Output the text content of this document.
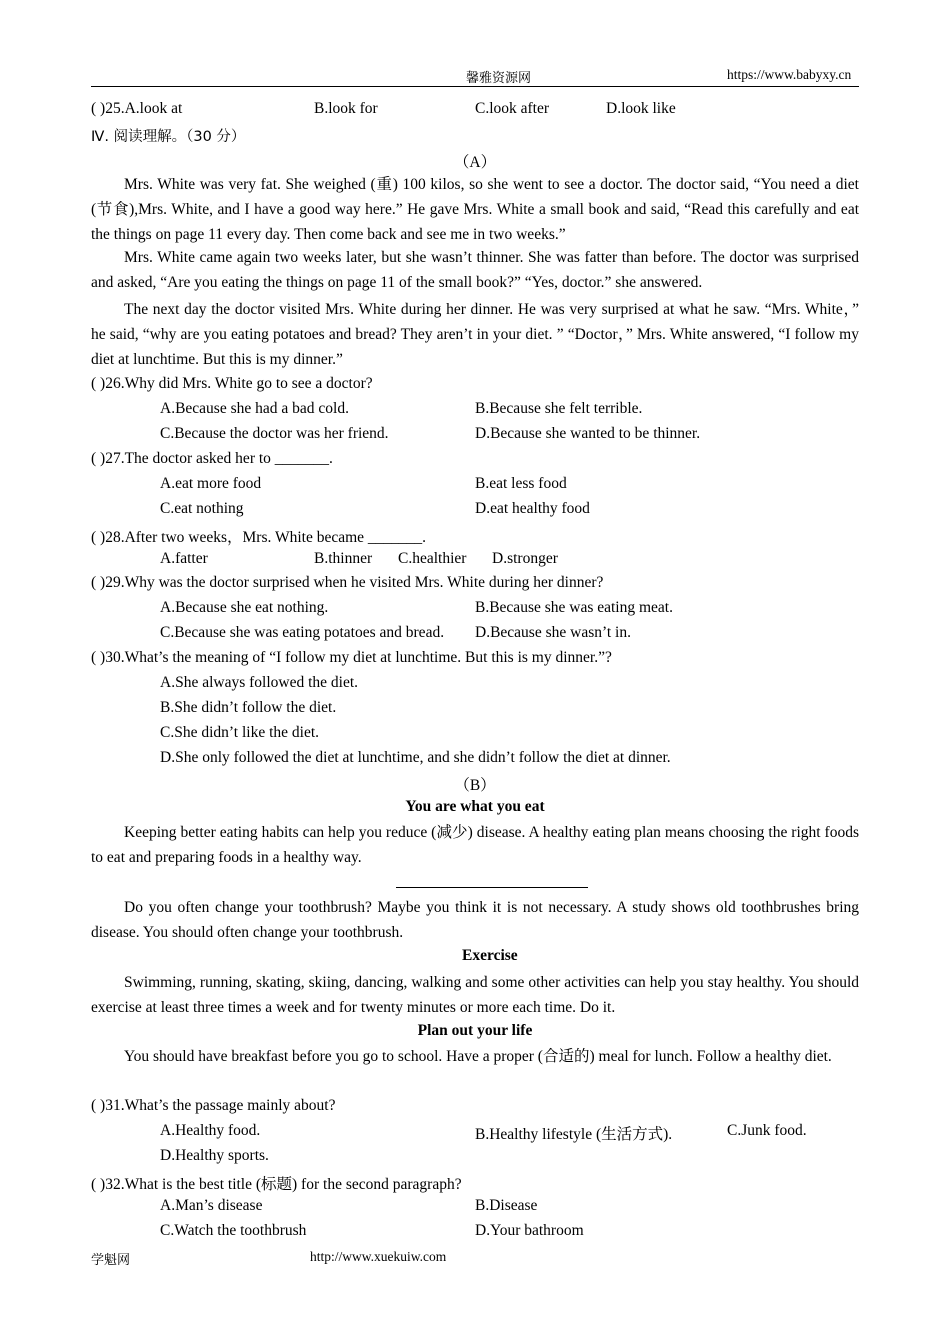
馨雅资源网	https://www.babyxy.cn
( )25.A.look at	B.look for	C.look after	D.look like
Ⅳ. 阅读理解。（30 分）
（A）
Mrs. White was very fat. She weighed (重) 100 kilos, so she went to see a doctor. The doctor said, “You need a diet (节食),Mrs. White, and I have a good way here.” He gave Mrs. White a small book and said, “Read this carefully and eat the things on page 11 every day. Then come back and see me in two weeks.”
Mrs. White came again two weeks later, but she wasn’t thinner. She was fatter than before. The doctor was surprised and asked, “Are you eating the things on page 11 of the small book?” “Yes, doctor.” she answered.
The next day the doctor visited Mrs. White during her dinner. He was very surprised at what he saw. “Mrs. White，” he said, “why are you eating potatoes and bread? They aren’t in your diet. ” “Doctor，” Mrs. White answered, “I follow my diet at lunchtime. But this is my dinner.”
( )26.Why did Mrs. White go to see a doctor?
A.Because she had a bad cold.	B.Because she felt terrible.
C.Because the doctor was her friend.	D.Because she wanted to be thinner.
( )27.The doctor asked her to _______.
A.eat more food	B.eat less food
C.eat nothing	D.eat healthy food
( )28.After two weeks，Mrs. White became _______.
A.fatter	B.thinner C.healthier D.stronger
( )29.Why was the doctor surprised when he visited Mrs. White during her dinner?
A.Because she eat nothing.	B.Because she was eating meat.
C.Because she was eating potatoes and bread. D.Because she wasn’t in.
( )30.What’s the meaning of “I follow my diet at lunchtime. But this is my dinner.”?
A.She always followed the diet.
B.She didn’t follow the diet.
C.She didn’t like the diet.
D.She only followed the diet at lunchtime, and she didn’t follow the diet at dinner.
（B）
You are what you eat
Keeping better eating habits can help you reduce (减少) disease. A healthy eating plan means choosing the right foods to eat and preparing foods in a healthy way.
Do you often change your toothbrush? Maybe you think it is not necessary. A study shows old toothbrushes bring disease. You should often change your toothbrush.
Exercise
Swimming, running, skating, skiing, dancing, walking and some other activities can help you stay healthy. You should exercise at least three times a week and for twenty minutes or more each time. Do it.
Plan out your life
You should have breakfast before you go to school. Have a proper (合适的) meal for lunch. Follow a healthy diet.
( )31.What’s the passage mainly about?
A.Healthy food.	B.Healthy lifestyle (生活方式).	C.Junk food.
D.Healthy sports.
( )32.What is the best title (标题) for the second paragraph?
A.Man’s disease	B.Disease
C.Watch the toothbrush	D.Your bathroom
学魁网	http://www.xuekuiw.com
